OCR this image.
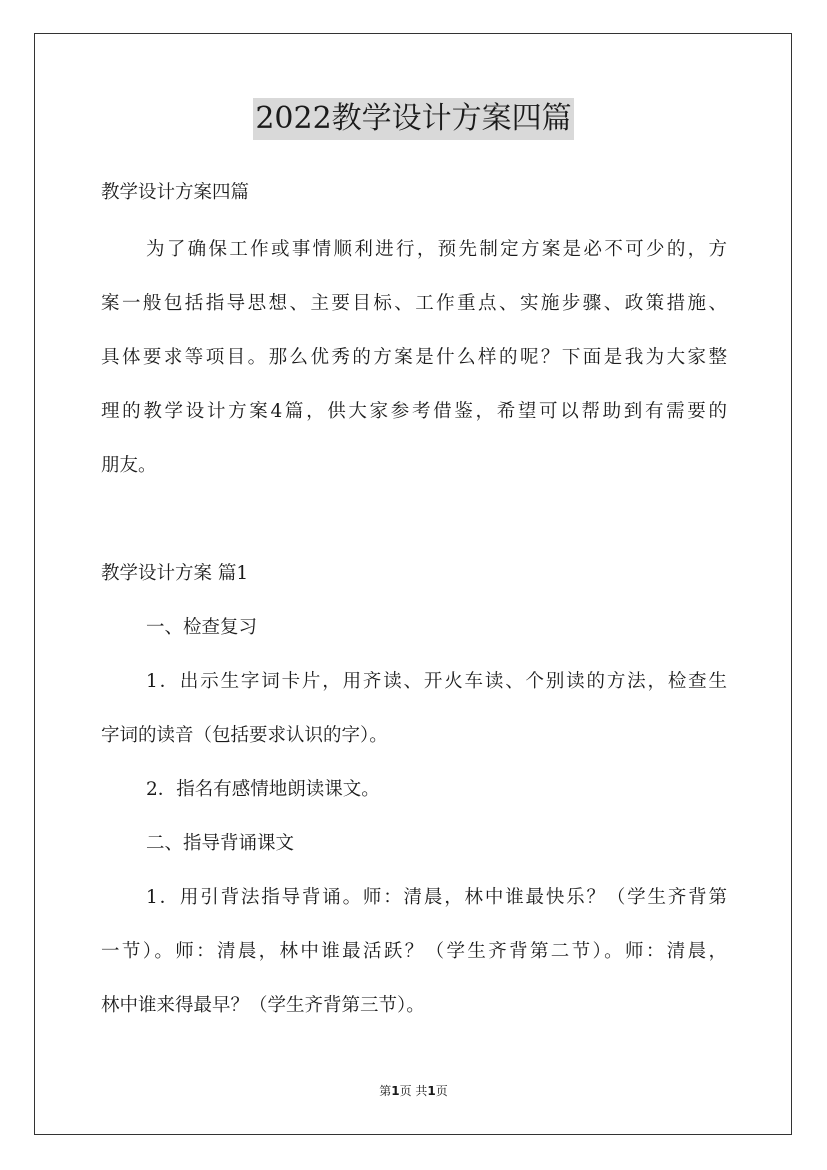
2022教学设计方案四篇
教学设计方案四篇
为了确保工作或事情顺利进行，预先制定方案是必不可少的，方
案一般包括指导思想、主要目标、工作重点、实施步骤、政策措施、
具体要求等项目。那么优秀的方案是什么样的呢？下面是我为大家整
理的教学设计方案4篇，供大家参考借鉴，希望可以帮助到有需要的
朋友。
教学设计方案 篇1
一、检查复习
1．出示生字词卡片，用齐读、开火车读、个别读的方法，检查生
字词的读音（包括要求认识的字）。
2．指名有感情地朗读课文。
二、指导背诵课文
1．用引背法指导背诵。师：清晨，林中谁最快乐？（学生齐背第
一节）。师：清晨，林中谁最活跃？（学生齐背第二节）。师：清晨，
林中谁来得最早？（学生齐背第三节）。
第1页 共1页
